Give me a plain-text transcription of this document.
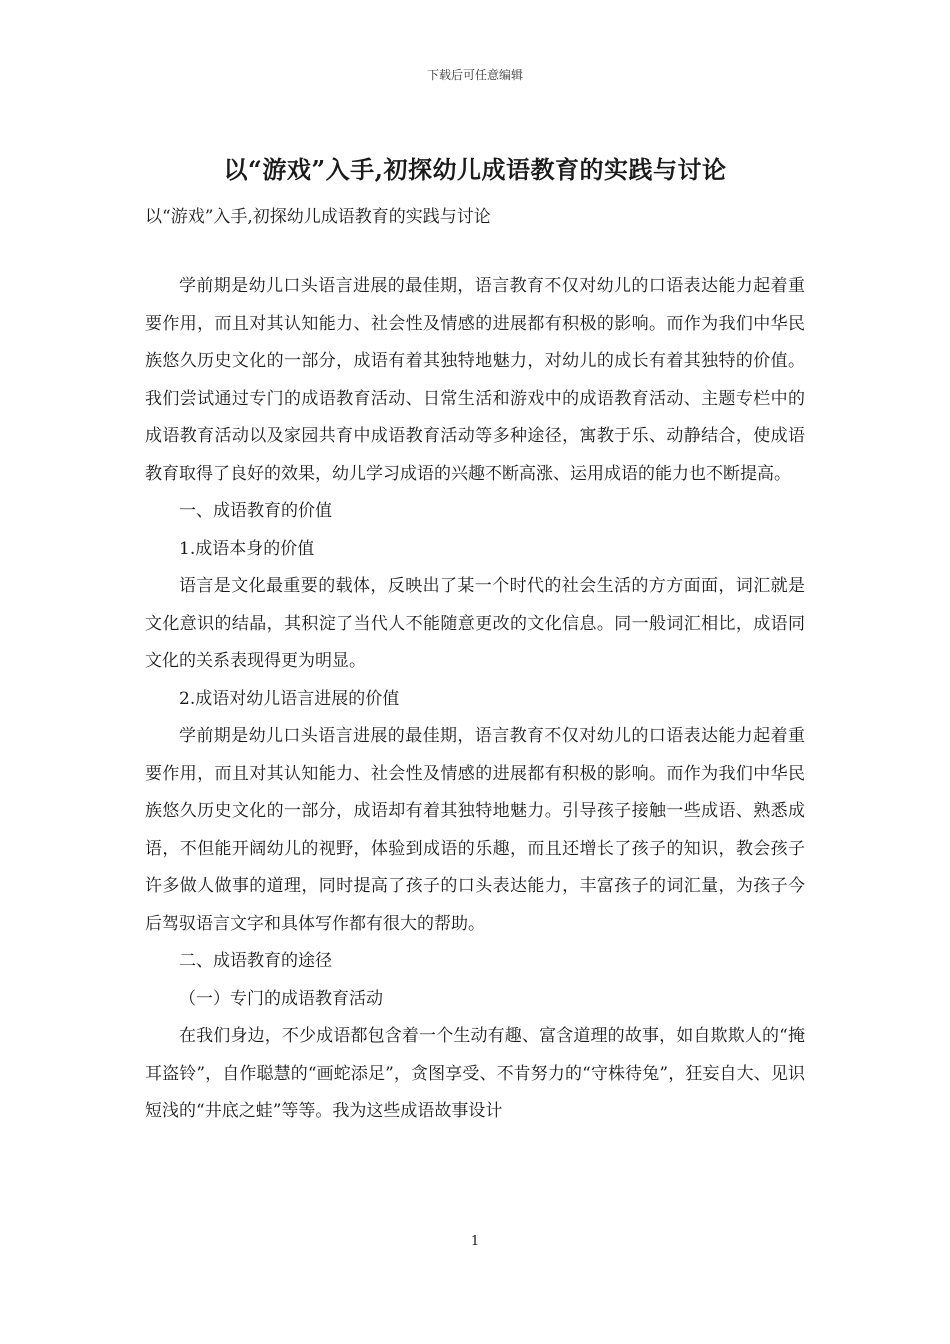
下载后可任意编辑
以“游戏”入手,初探幼儿成语教育的实践与讨论
以“游戏”入手,初探幼儿成语教育的实践与讨论

学前期是幼儿口头语言进展的最佳期，语言教育不仅对幼儿的口语表达能力起着重要作用，而且对其认知能力、社会性及情感的进展都有积极的影响。而作为我们中华民族悠久历史文化的一部分，成语有着其独特地魅力，对幼儿的成长有着其独特的价值。我们尝试通过专门的成语教育活动、日常生活和游戏中的成语教育活动、主题专栏中的成语教育活动以及家园共育中成语教育活动等多种途径，寓教于乐、动静结合，使成语教育取得了良好的效果，幼儿学习成语的兴趣不断高涨、运用成语的能力也不断提高。

一、成语教育的价值

1.成语本身的价值

语言是文化最重要的载体，反映出了某一个时代的社会生活的方方面面，词汇就是文化意识的结晶，其积淀了当代人不能随意更改的文化信息。同一般词汇相比，成语同文化的关系表现得更为明显。

2.成语对幼儿语言进展的价值

学前期是幼儿口头语言进展的最佳期，语言教育不仅对幼儿的口语表达能力起着重要作用，而且对其认知能力、社会性及情感的进展都有积极的影响。而作为我们中华民族悠久历史文化的一部分，成语却有着其独特地魅力。引导孩子接触一些成语、熟悉成语，不但能开阔幼儿的视野，体验到成语的乐趣，而且还增长了孩子的知识，教会孩子许多做人做事的道理，同时提高了孩子的口头表达能力，丰富孩子的词汇量，为孩子今后驾驭语言文字和具体写作都有很大的帮助。

二、成语教育的途径

（一）专门的成语教育活动

在我们身边，不少成语都包含着一个生动有趣、富含道理的故事，如自欺欺人的“掩耳盗铃”，自作聪慧的“画蛇添足”，贪图享受、不肯努力的“守株待兔”，狂妄自大、见识短浅的“井底之蛙”等等。我为这些成语故事设计

1
